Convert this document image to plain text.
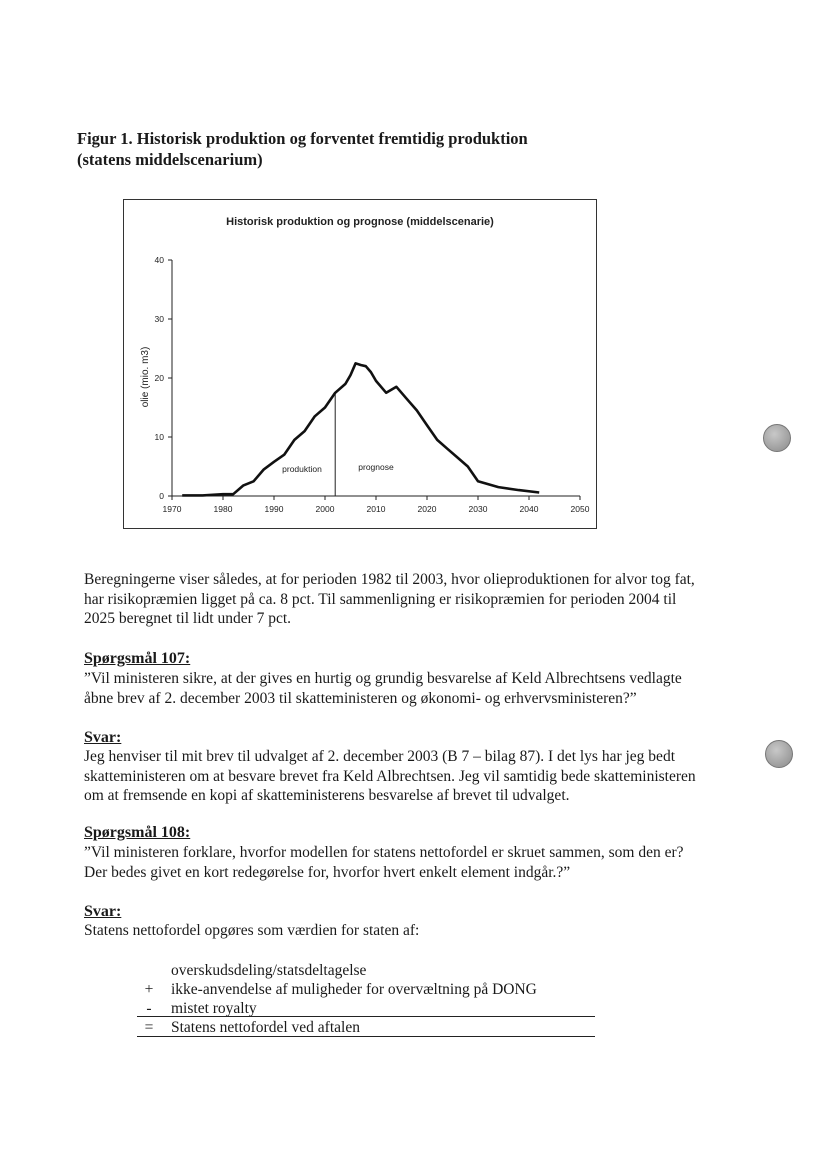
Figur 1. Historisk produktion og forventet fremtidig produktion
(statens middelscenarium)
Historisk produktion og prognose (middelscenarie)
olie (mio. m3)
produktion	prognose
0
10
20
30
40
1970	1980	1990	2000	2010	2020	2030	2040	2050
Beregningerne viser således, at for perioden 1982 til 2003, hvor olieproduktionen for alvor tog fat,
har risikopræmien ligget på ca. 8 pct. Til sammenligning er risikopræmien for perioden 2004 til
2025 beregnet til lidt under 7 pct.
Spørgsmål 107:
”Vil ministeren sikre, at der gives en hurtig og grundig besvarelse af Keld Albrechtsens vedlagte
åbne brev af 2. december 2003 til skatteministeren og økonomi- og erhvervsministeren?”
Svar:
Jeg henviser til mit brev til udvalget af 2. december 2003 (B 7 – bilag 87). I det lys har jeg bedt
skatteministeren om at besvare brevet fra Keld Albrechtsen. Jeg vil samtidig bede skatteministeren
om at fremsende en kopi af skatteministerens besvarelse af brevet til udvalget.
Spørgsmål 108:
”Vil ministeren forklare, hvorfor modellen for statens nettofordel er skruet sammen, som den er?
Der bedes givet en kort redegørelse for, hvorfor hvert enkelt element indgår.?”
Svar:
Statens nettofordel opgøres som værdien for staten af:
overskudsdeling/statsdeltagelse
+	ikke-anvendelse af muligheder for overvæltning på DONG
-	mistet royalty
=	Statens nettofordel ved aftalen
